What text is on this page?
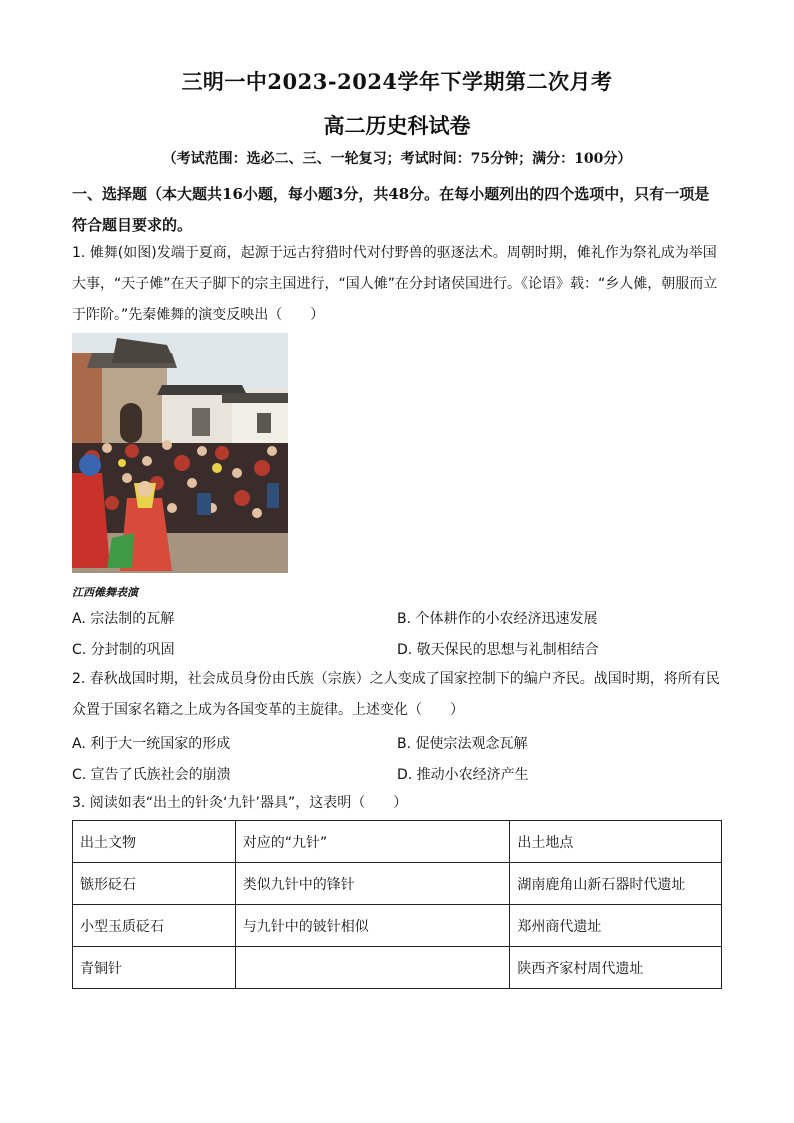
三明一中2023-2024学年下学期第二次月考
高二历史科试卷
（考试范围：选必二、三、一轮复习；考试时间：75分钟；满分：100分）
一、选择题（本大题共16小题，每小题3分，共48分。在每小题列出的四个选项中，只有一项是符合题目要求的。
1. 傩舞(如图)发端于夏商，起源于远古狩猎时代对付野兽的驱逐法术。周朝时期，傩礼作为祭礼成为举国大事，“天子傩”在天子脚下的宗主国进行，“国人傩”在分封诸侯国进行。《论语》载：“乡人傩，朝服而立于阼阶。”先秦傩舞的演变反映出（　　）
江西傩舞表演
A. 宗法制的瓦解	B. 个体耕作的小农经济迅速发展
C. 分封制的巩固	D. 敬天保民的思想与礼制相结合
2. 春秋战国时期，社会成员身份由氏族（宗族）之人变成了国家控制下的编户齐民。战国时期，将所有民众置于国家名籍之上成为各国变革的主旋律。上述变化（　　）
A. 利于大一统国家的形成	B. 促使宗法观念瓦解
C. 宣告了氏族社会的崩溃	D. 推动小农经济产生
3. 阅读如表“出土的针灸‘九针’器具”，这表明（　　）
出土文物	对应的“九针”	出土地点
镞形砭石	类似九针中的锋针	湖南鹿角山新石器时代遗址
小型玉质砭石	与九针中的铍针相似	郑州商代遗址
青铜针		陕西齐家村周代遗址
